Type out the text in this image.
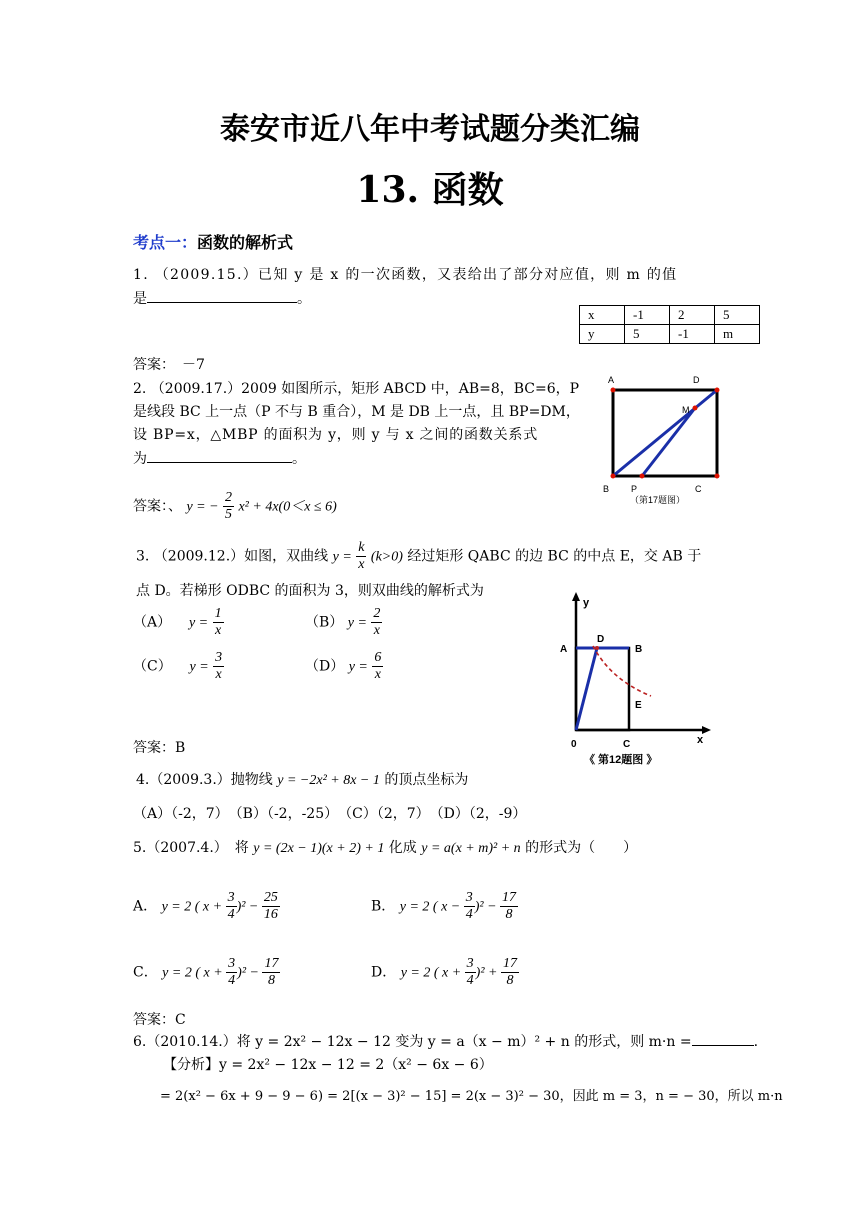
泰安市近八年中考试题分类汇编
13. 函数
考点一：函数的解析式
1. （2009.15.）已知 y 是 x 的一次函数，又表给出了部分对应值，则 m 的值
是	。
x	-1	2	5
y	5	-1	m
答案：　－7
2. （2009.17.）2009 如图所示，矩形 ABCD 中，AB=8，BC=6，P
是线段 BC 上一点（P 不与 B 重合），M 是 DB 上一点，且 BP=DM，
设 BP=x，△MBP 的面积为 y，则 y 与 x 之间的函数关系式
为	。
答案：、 y = − $\frac{2}{5} x^2 + 4x(0<x \le 6)$
A	D
M
B P	C
（第17题图）
3. （2009.12.）如图，双曲线 $y = \frac{k}{x} (k>0)$ 经过矩形 QABC 的边 BC 的中点 E，交 AB 于
点 D。若梯形 ODBC 的面积为 3，则双曲线的解析式为
（A） $y = \frac{1}{x}$	（B） $y = \frac{2}{x}$
（C） $y = \frac{3}{x}$	（D） $y = \frac{6}{x}$
答案：B
y
A
D
B
E
0	C	x
《 第12题图 》
4.（2009.3.）抛物线 y = −2x² + 8x − 1 的顶点坐标为
（A）（-2，7）　（B）（-2，-25）　（C）（2，7）　（D）（2，-9）
5.（2007.4.）　将 y = (2x − 1)(x + 2) + 1 化成 y = a(x + m)² + n 的形式为（　　）
A． y = 2 ( $x + \frac{3}{4} )^2 - \frac{25}{16}$	B． y = 2 ( $x - \frac{3}{4} )^2 - \frac{17}{8}$
C． y = 2 ( $x + \frac{3}{4} )^2 - \frac{17}{8}$	D． y = 2 ( $x + \frac{3}{4} )^2 + \frac{17}{8}$
答案：C
6.（2010.14.）将 y = 2x² − 12x − 12 变为 y = a（x − m）² + n 的形式，则 m·n =	.
【分析】y = 2x² − 12x − 12 = 2（x² − 6x − 6）
= 2(x² − 6x + 9 − 9 − 6) = 2[(x − 3)² − 15] = 2(x − 3)² − 30，因此 m = 3，n = − 30，所以 m·n
